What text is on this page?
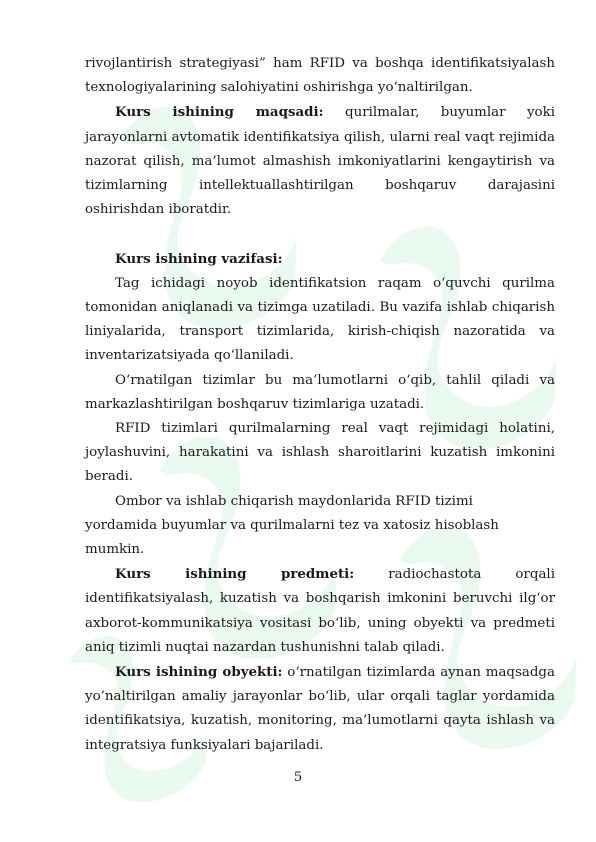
rivojlantirish strategiyasi” ham RFID va boshqa identifikatsiyalash texnologiyalarining salohiyatini oshirishga yo‘naltirilgan.

Kurs ishining maqsadi: qurilmalar, buyumlar yoki jarayonlarni avtomatik identifikatsiya qilish, ularni real vaqt rejimida nazorat qilish, ma’lumot almashish imkoniyatlarini kengaytirish va tizimlarning intellektuallashtirilgan boshqaruv darajasini oshirishdan iboratdir.

Kurs ishining vazifasi:

Tag ichidagi noyob identifikatsion raqam o‘quvchi qurilma tomonidan aniqlanadi va tizimga uzatiladi. Bu vazifa ishlab chiqarish liniyalarida, transport tizimlarida, kirish-chiqish nazoratida va inventarizatsiyada qo‘llaniladi.

O‘rnatilgan tizimlar bu ma’lumotlarni o‘qib, tahlil qiladi va markazlashtirilgan boshqaruv tizimlariga uzatadi.

RFID tizimlari qurilmalarning real vaqt rejimidagi holatini, joylashuvini, harakatini va ishlash sharoitlarini kuzatish imkonini beradi.

Ombor va ishlab chiqarish maydonlarida RFID tizimi yordamida buyumlar va qurilmalarni tez va xatosiz hisoblash mumkin.

Kurs ishining predmeti: radiochastota orqali identifikatsiyalash, kuzatish va boshqarish imkonini beruvchi ilg‘or axborot-kommunikatsiya vositasi bo‘lib, uning obyekti va predmeti aniq tizimli nuqtai nazardan tushunishni talab qiladi.

Kurs ishining obyekti: o‘rnatilgan tizimlarda aynan maqsadga yo’naltirilgan amaliy jarayonlar bo‘lib, ular orqali taglar yordamida identifikatsiya, kuzatish, monitoring, ma’lumotlarni qayta ishlash va integratsiya funksiyalari bajariladi.

5
